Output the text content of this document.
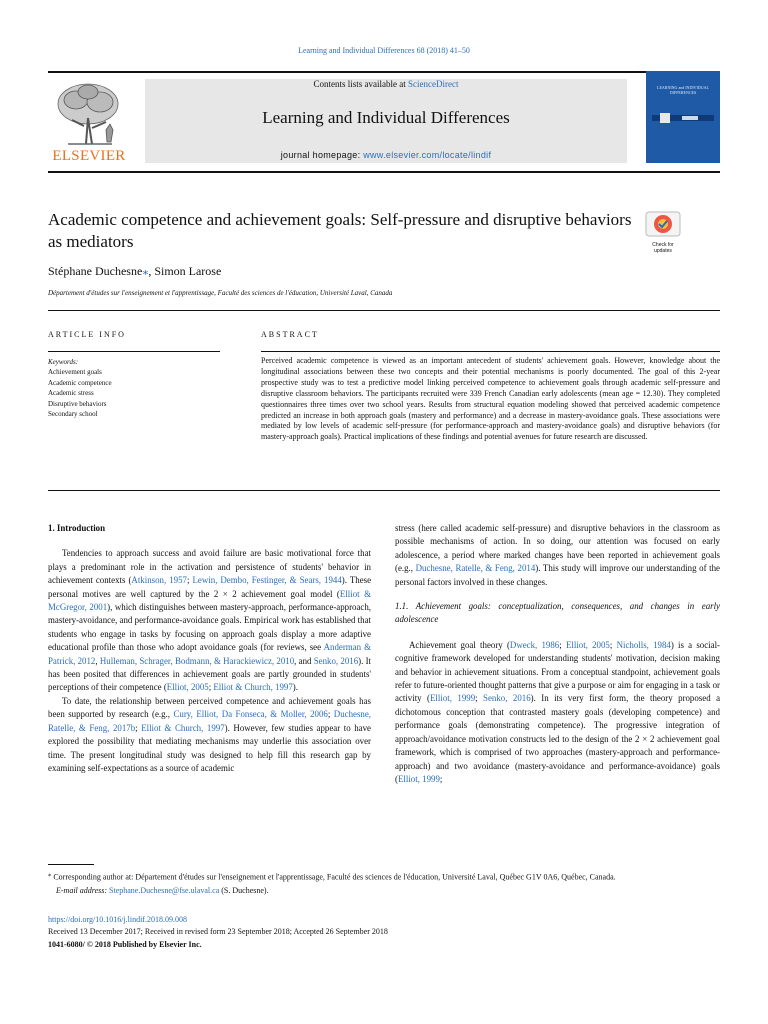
Learning and Individual Differences 68 (2018) 41–50
ELSEVIER
Contents lists available at ScienceDirect
Learning and Individual Differences
journal homepage: www.elsevier.com/locate/lindif
LEARNING and INDIVIDUAL DIFFERENCES
Academic competence and achievement goals: Self-pressure and disruptive behaviors as mediators	Check for updates
Stéphane Duchesne⁎, Simon Larose
Département d'études sur l'enseignement et l'apprentissage, Faculté des sciences de l'éducation, Université Laval, Canada
ARTICLE INFO	ABSTRACT
Keywords:
Achievement goals
Academic competence
Academic stress
Disruptive behaviors
Secondary school
Perceived academic competence is viewed as an important antecedent of students' achievement goals. However, knowledge about the longitudinal associations between these two concepts and their potential mechanisms is poorly documented. The goal of this 2-year prospective study was to test a predictive model linking perceived competence to achievement goals through academic self-pressure and disruptive classroom behaviors. The participants recruited were 339 French Canadian early adolescents (mean age = 12.30). They completed questionnaires three times over two school years. Results from structural equation modeling showed that perceived academic competence predicted an increase in both approach goals (mastery and performance) and a decrease in mastery-avoidance goals. These associations were mediated by low levels of academic self-pressure (for performance-approach and mastery-avoidance goals) and disruptive behaviors (for mastery-approach goals). Practical implications of these findings and potential avenues for future research are discussed.
1. Introduction

Tendencies to approach success and avoid failure are basic motivational force that plays a predominant role in the activation and persistence of students' behavior in achievement contexts (Atkinson, 1957; Lewin, Dembo, Festinger, & Sears, 1944). These personal motives are well captured by the 2 × 2 achievement goal model (Elliot & McGregor, 2001), which distinguishes between mastery-approach, performance-approach, mastery-avoidance, and performance-avoidance goals. Empirical work has established that students who engage in tasks by focusing on approach goals display a more adaptive educational profile than those who adopt avoidance goals (for reviews, see Anderman & Patrick, 2012, Hulleman, Schrager, Bodmann, & Harackiewicz, 2010, and Senko, 2016). It has been posited that differences in achievement goals are partly grounded in students' perceptions of their competence (Elliot, 2005; Elliot & Church, 1997).

To date, the relationship between perceived competence and achievement goals has been supported by research (e.g., Cury, Elliot, Da Fonseca, & Moller, 2006; Duchesne, Ratelle, & Feng, 2017b; Elliot & Church, 1997). However, few studies appear to have explored the possibility that mediating mechanisms may underlie this association over time. The present longitudinal study was designed to help fill this research gap by examining self-expectations as a source of academic

stress (here called academic self-pressure) and disruptive behaviors in the classroom as possible mechanisms of action. In so doing, our attention was focused on early adolescence, a period where marked changes have been reported in achievement goals (e.g., Duchesne, Ratelle, & Feng, 2014). This study will improve our understanding of the personal factors involved in these changes.

1.1. Achievement goals: conceptualization, consequences, and changes in early adolescence

Achievement goal theory (Dweck, 1986; Elliot, 2005; Nicholls, 1984) is a social-cognitive framework developed for understanding students' motivation, decision making and behavior in achievement situations. From a conceptual standpoint, achievement goals refer to future-oriented thought patterns that give a purpose or aim for engaging in a task or activity (Elliot, 1999; Senko, 2016). In its very first form, the theory proposed a dichotomous conception that contrasted mastery goals (developing competence) and performance goals (demonstrating competence). The progressive integration of approach/avoidance motivation constructs led to the design of the 2 × 2 achievement goal framework, which is comprised of two approaches (mastery-approach and performance-approach) and two avoidance (mastery-avoidance and performance-avoidance) goals (Elliot, 1999;

⁎ Corresponding author at: Département d'études sur l'enseignement et l'apprentissage, Faculté des sciences de l'éducation, Université Laval, Québec G1V 0A6, Québec, Canada.
E-mail address: Stephane.Duchesne@fse.ulaval.ca (S. Duchesne).
https://doi.org/10.1016/j.lindif.2018.09.008
Received 13 December 2017; Received in revised form 23 September 2018; Accepted 26 September 2018
1041-6080/ © 2018 Published by Elsevier Inc.
